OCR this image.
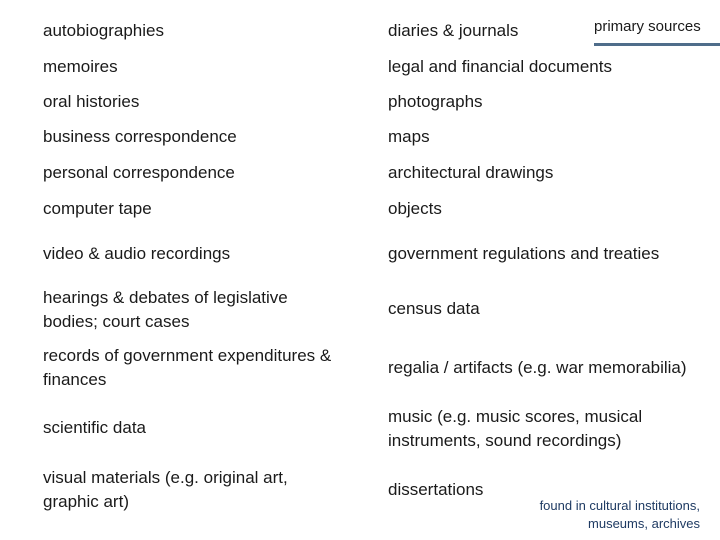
primary sources
autobiographies
memoires
oral histories
business correspondence
personal correspondence
computer tape
video & audio recordings
hearings & debates of legislative bodies; court cases
records of government expenditures & finances
scientific data
visual materials (e.g. original art, graphic art)
diaries & journals
legal and financial documents
photographs
maps
architectural drawings
objects
government regulations and treaties
census data
regalia / artifacts (e.g. war memorabilia)
music (e.g. music scores, musical instruments, sound recordings)
dissertations
found in cultural institutions,
museums, archives
